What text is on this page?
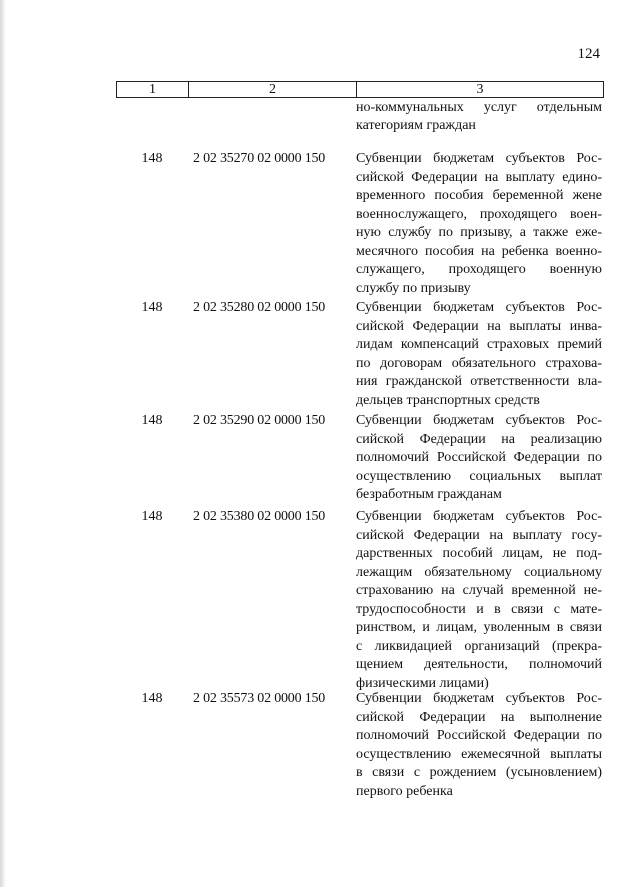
124
1	2	3
но-коммунальных услуг отдельным
категориям граждан
148	2 02 35270 02 0000 150	Субвенции бюджетам субъектов Рос-
сийской Федерации на выплату едино-
временного пособия беременной жене
военнослужащего, проходящего воен-
ную службу по призыву, а также еже-
месячного пособия на ребенка военно-
служащего, проходящего военную
службу по призыву
148	2 02 35280 02 0000 150	Субвенции бюджетам субъектов Рос-
сийской Федерации на выплаты инва-
лидам компенсаций страховых премий
по договорам обязательного страхова-
ния гражданской ответственности вла-
дельцев транспортных средств
148	2 02 35290 02 0000 150	Субвенции бюджетам субъектов Рос-
сийской Федерации на реализацию
полномочий Российской Федерации по
осуществлению социальных выплат
безработным гражданам
148	2 02 35380 02 0000 150	Субвенции бюджетам субъектов Рос-
сийской Федерации на выплату госу-
дарственных пособий лицам, не под-
лежащим обязательному социальному
страхованию на случай временной не-
трудоспособности и в связи с мате-
ринством, и лицам, уволенным в связи
с ликвидацией организаций (прекра-
щением деятельности, полномочий
физическими лицами)
148	2 02 35573 02 0000 150	Субвенции бюджетам субъектов Рос-
сийской Федерации на выполнение
полномочий Российской Федерации по
осуществлению ежемесячной выплаты
в связи с рождением (усыновлением)
первого ребенка
